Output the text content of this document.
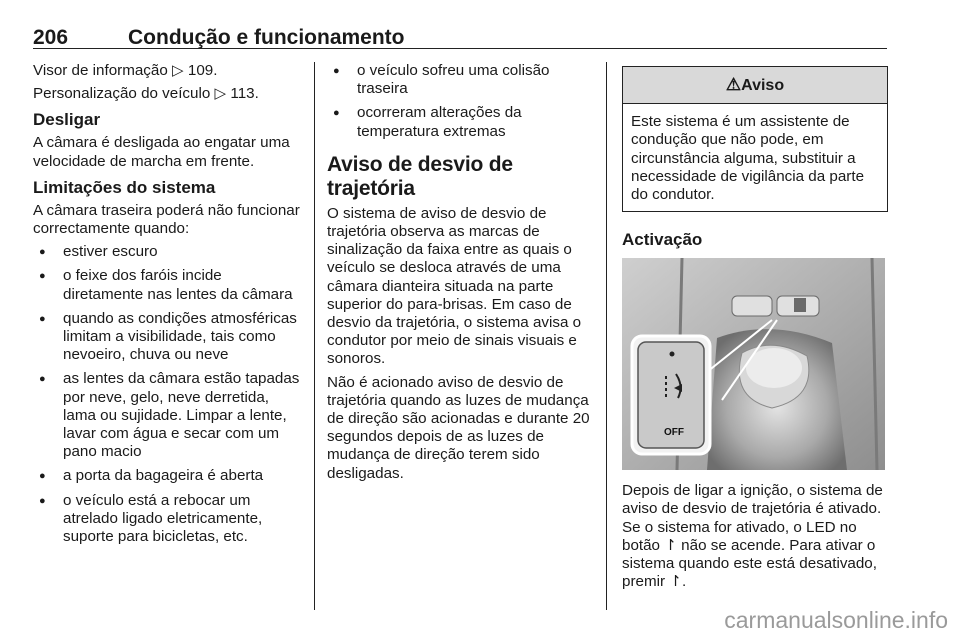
206	Condução e funcionamento

Visor de informação ▷ 109.

Personalização do veículo ▷ 113.

Desligar

A câmara é desligada ao engatar uma velocidade de marcha em frente.

Limitações do sistema

A câmara traseira poderá não funcionar correctamente quando:

● estiver escuro
● o feixe dos faróis incide diretamente nas lentes da câmara
● quando as condições atmosféricas limitam a visibilidade, tais como nevoeiro, chuva ou neve
● as lentes da câmara estão tapadas por neve, gelo, neve derretida, lama ou sujidade. Limpar a lente, lavar com água e secar com um pano macio
● a porta da bagageira é aberta
● o veículo está a rebocar um atrelado ligado eletricamente, suporte para bicicletas, etc.
● o veículo sofreu uma colisão traseira
● ocorreram alterações da temperatura extremas
Aviso de desvio de trajetória

O sistema de aviso de desvio de trajetória observa as marcas de sinalização da faixa entre as quais o veículo se desloca através de uma câmara dianteira situada na parte superior do para-brisas. Em caso de desvio da trajetória, o sistema avisa o condutor por meio de sinais visuais e sonoros.

Não é acionado aviso de desvio de trajetória quando as luzes de mudança de direção são acionadas e durante 20 segundos depois de as luzes de mudança de direção terem sido desligadas.

⚠Aviso
Este sistema é um assistente de condução que não pode, em circunstância alguma, substituir a necessidade de vigilância da parte do condutor.
Activação
OFF

Depois de ligar a ignição, o sistema de aviso de desvio de trajetória é ativado. Se o sistema for ativado, o LED no botão ↾ não se acende. Para ativar o sistema quando este está desativado, premir ↾.

carmanualsonline.info
